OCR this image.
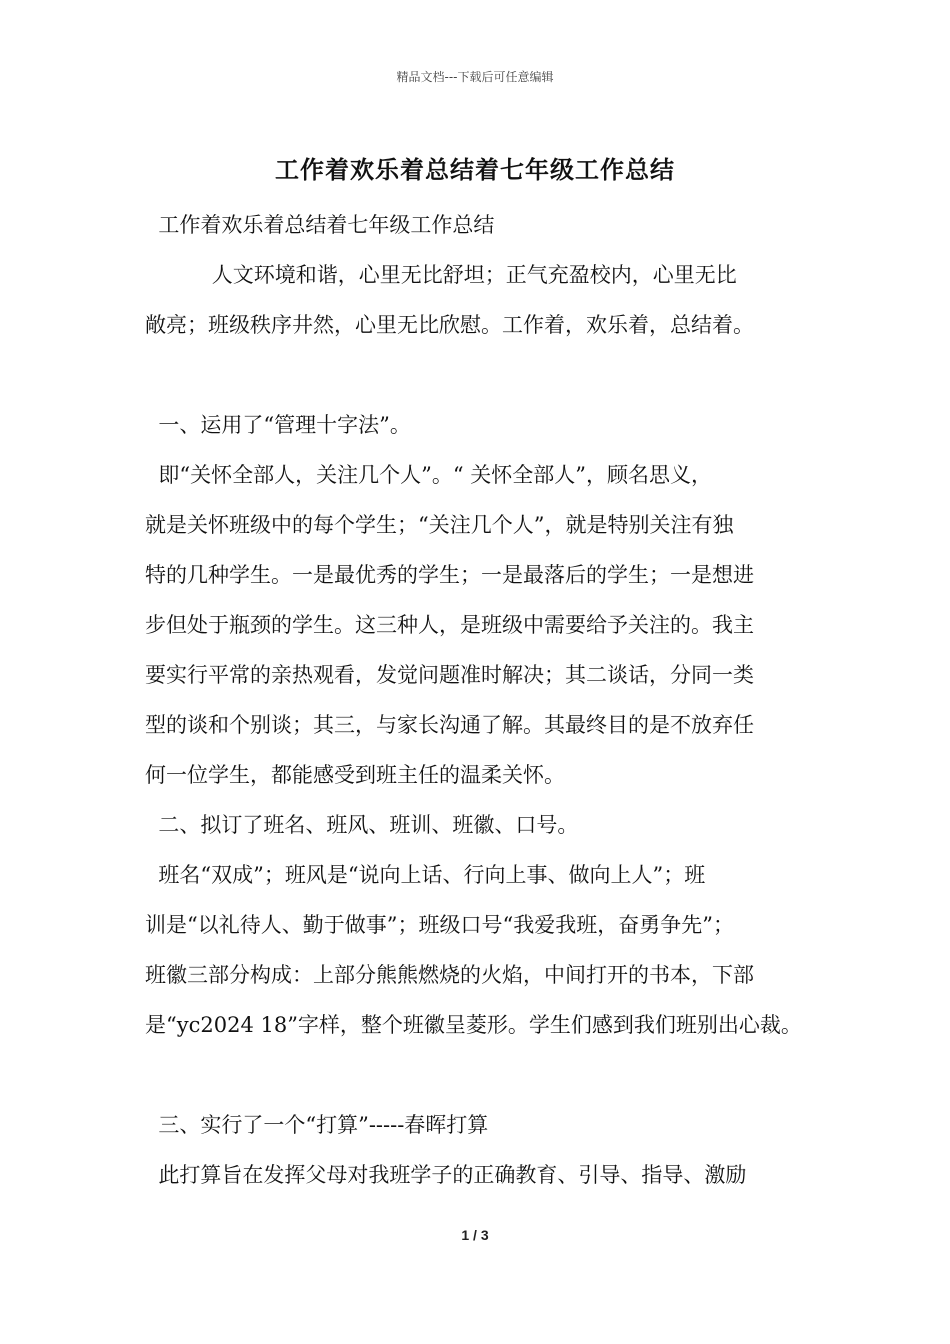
精品文档---下载后可任意编辑
工作着欢乐着总结着七年级工作总结
工作着欢乐着总结着七年级工作总结
人文环境和谐，心里无比舒坦；正气充盈校内，心里无比
敞亮；班级秩序井然，心里无比欣慰。工作着，欢乐着，总结着。
一、运用了“管理十字法”。
即“关怀全部人，关注几个人”。“ 关怀全部人”，顾名思义，
就是关怀班级中的每个学生；“关注几个人”，就是特别关注有独
特的几种学生。一是最优秀的学生；一是最落后的学生；一是想进
步但处于瓶颈的学生。这三种人，是班级中需要给予关注的。我主
要实行平常的亲热观看，发觉问题准时解决；其二谈话，分同一类
型的谈和个别谈；其三，与家长沟通了解。其最终目的是不放弃任
何一位学生，都能感受到班主任的温柔关怀。
二、拟订了班名、班风、班训、班徽、口号。
班名“双成”；班风是“说向上话、行向上事、做向上人”；班
训是“以礼待人、勤于做事”；班级口号“我爱我班，奋勇争先”；
班徽三部分构成：上部分熊熊燃烧的火焰，中间打开的书本，下部
是“yc2024 18”字样，整个班徽呈菱形。学生们感到我们班别出心裁。
三、实行了一个“打算”-----春晖打算
此打算旨在发挥父母对我班学子的正确教育、引导、指导、激励
1 / 3
